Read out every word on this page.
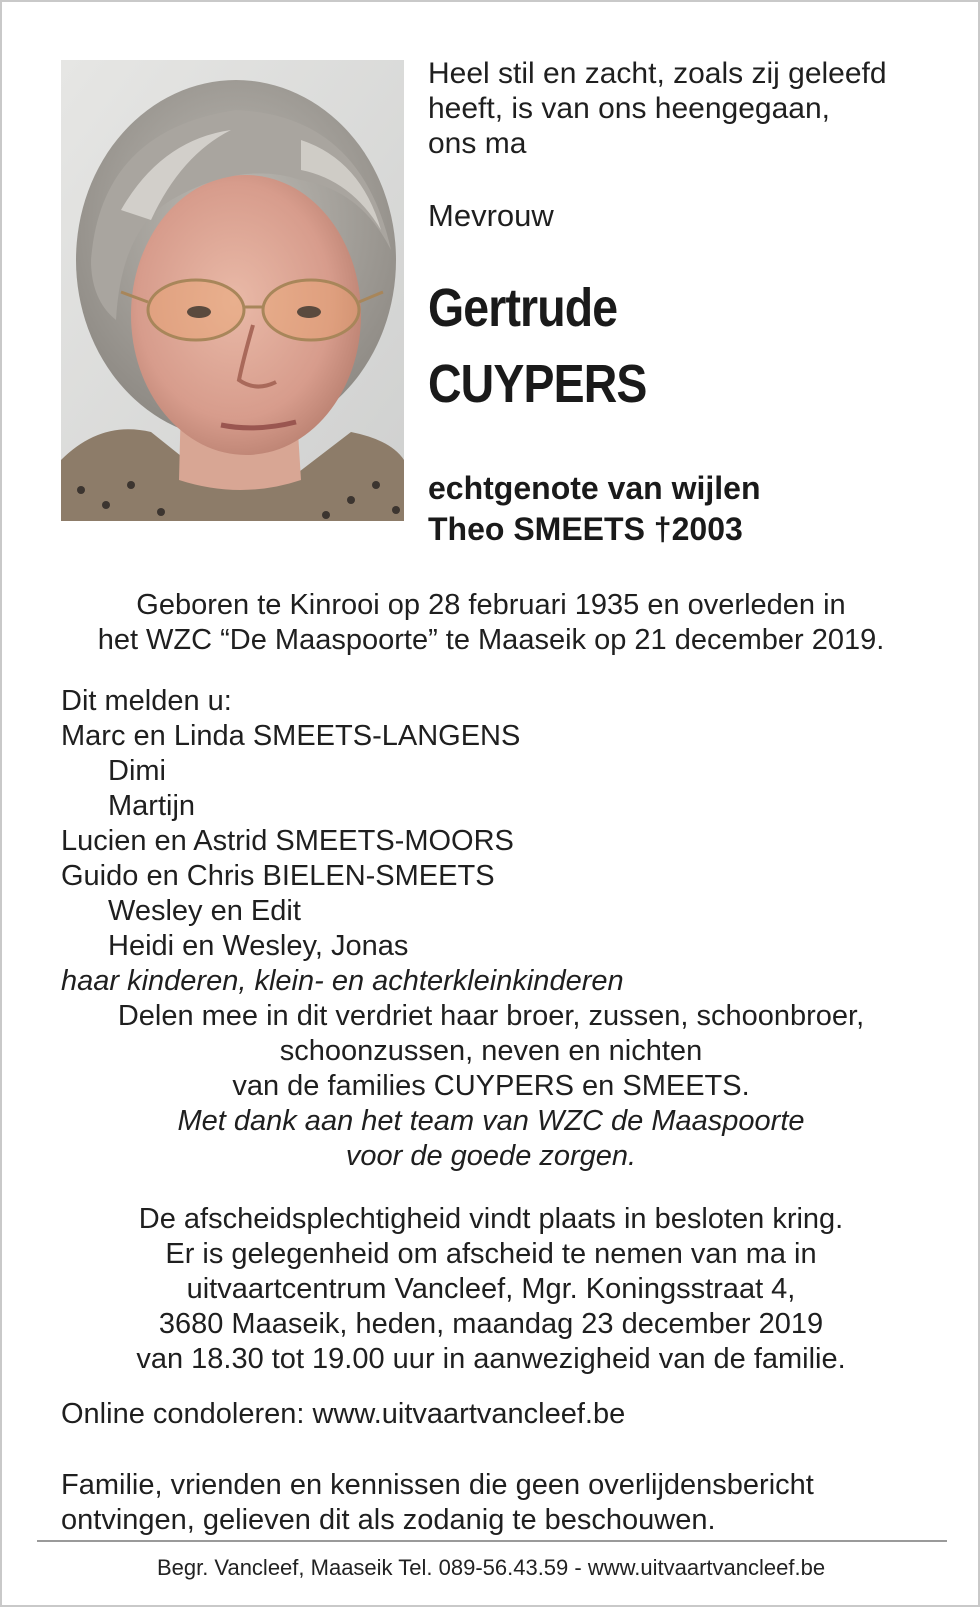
Heel stil en zacht, zoals zij geleefd
heeft, is van ons heengegaan,
ons ma

Mevrouw

Gertrude

CUYPERS

echtgenote van wijlen
Theo SMEETS †2003
Geboren te Kinrooi op 28 februari 1935 en overleden in
het WZC “De Maaspoorte” te Maaseik op 21 december 2019.

Dit melden u:

Marc en Linda SMEETS-LANGENS

Dimi

Martijn

Lucien en Astrid SMEETS-MOORS

Guido en Chris BIELEN-SMEETS

Wesley en Edit

Heidi en Wesley, Jonas

haar kinderen, klein- en achterkleinkinderen

Delen mee in dit verdriet haar broer, zussen, schoonbroer,

schoonzussen, neven en nichten

van de families CUYPERS en SMEETS.

Met dank aan het team van WZC de Maaspoorte

voor de goede zorgen.

De afscheidsplechtigheid vindt plaats in besloten kring.

Er is gelegenheid om afscheid te nemen van ma in

uitvaartcentrum Vancleef, Mgr. Koningsstraat 4,

3680 Maaseik, heden, maandag 23 december 2019

van 18.30 tot 19.00 uur in aanwezigheid van de familie.

Online condoleren: www.uitvaartvancleef.be

Familie, vrienden en kennissen die geen overlijdensbericht
ontvingen, gelieven dit als zodanig te beschouwen.

Begr. Vancleef, Maaseik Tel. 089-56.43.59 - www.uitvaartvancleef.be
